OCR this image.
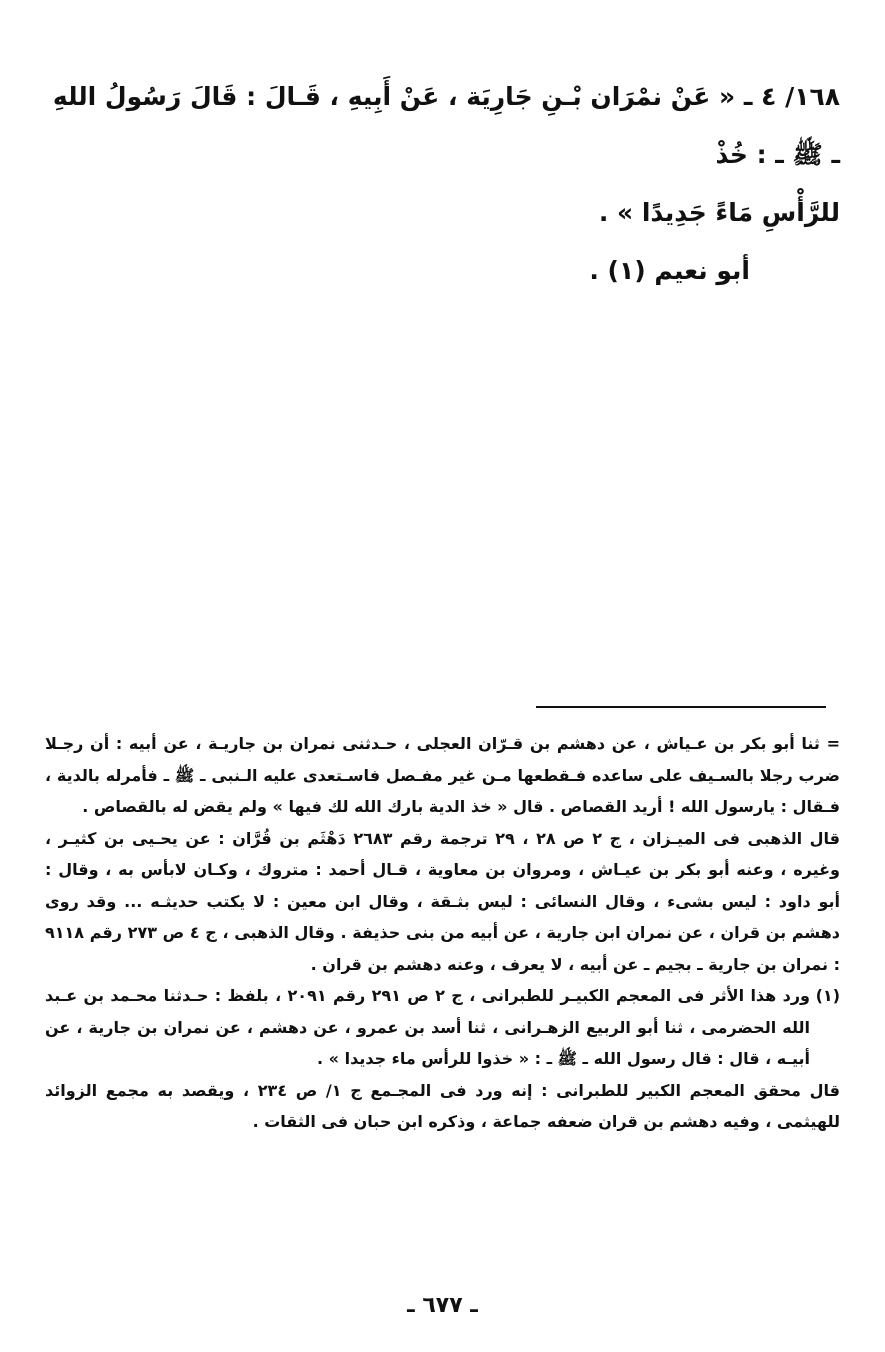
١٦٨/ ٤ ـ « عَنْ نمْرَان بْـنِ جَارِيَة ، عَنْ أَبِيهِ ، قَـالَ : قَالَ رَسُولُ اللهِ ـ ﷺ ـ : خُذْ

للرَّأْسِ مَاءً جَدِيدًا » .

أبو نعيم (١) .

= ثنا أبو بكر بن عـياش ، عن دهشم بن قـرّان العجلى ، حـدثنى نمران بن جاريـة ، عن أبيه : أن رجـلا ضرب رجلا بالسـيف على ساعده فـقطعها مـن غير مفـصل فاسـتعدى عليه الـنبى ـ ﷺ ـ فأمرله بالدية ، فـقال : يارسول الله ! أريد القصاص . قال « خذ الدية بارك الله لك فيها » ولم يقض له بالقصاص .

قال الذهبى فى الميـزان ، ج ٢ ص ٢٨ ، ٢٩ ترجمة رقم ٢٦٨٣ دَهْثَم بن قُرَّان : عن يحـيى بن كثيـر ، وغيره ، وعنه أبو بكر بن عيـاش ، ومروان بن معاوية ، قـال أحمد : متروك ، وكـان لابأس به ، وقال : أبو داود : ليس بشىء ، وقال النسائى : ليس بثـقة ، وقال ابن معين : لا يكتب حديثـه ... وقد روى دهشم بن قران ، عن نمران ابن جارية ، عن أبيه من بنى حذيفة . وقال الذهبى ، ج ٤ ص ٢٧٣ رقم ٩١١٨ : نمران بن جارية ـ بجيم ـ عن أبيه ، لا يعرف ، وعنه دهشم بن قران .

(١)

ورد هذا الأثر فى المعجم الكبيـر للطبرانى ، ج ٢ ص ٢٩١ رقم ٢٠٩١ ، بلفظ : حـدثنا محـمد بن عـبد الله الحضرمى ، ثنا أبو الربيع الزهـرانى ، ثنا أسد بن عمرو ، عن دهشم ، عن نمران بن جارية ، عن أبيـه ، قال : قال رسول الله ـ ﷺ ـ : « خذوا للرأس ماء جديدا » .

قال محقق المعجم الكبير للطبرانى : إنه ورد فى المجـمع ج ١/ ص ٢٣٤ ، ويقصد به مجمع الزوائد للهيثمى ، وفيه دهشم بن قران ضعفه جماعة ، وذكره ابن حبان فى الثقات .

ـ ٦٧٧ ـ
